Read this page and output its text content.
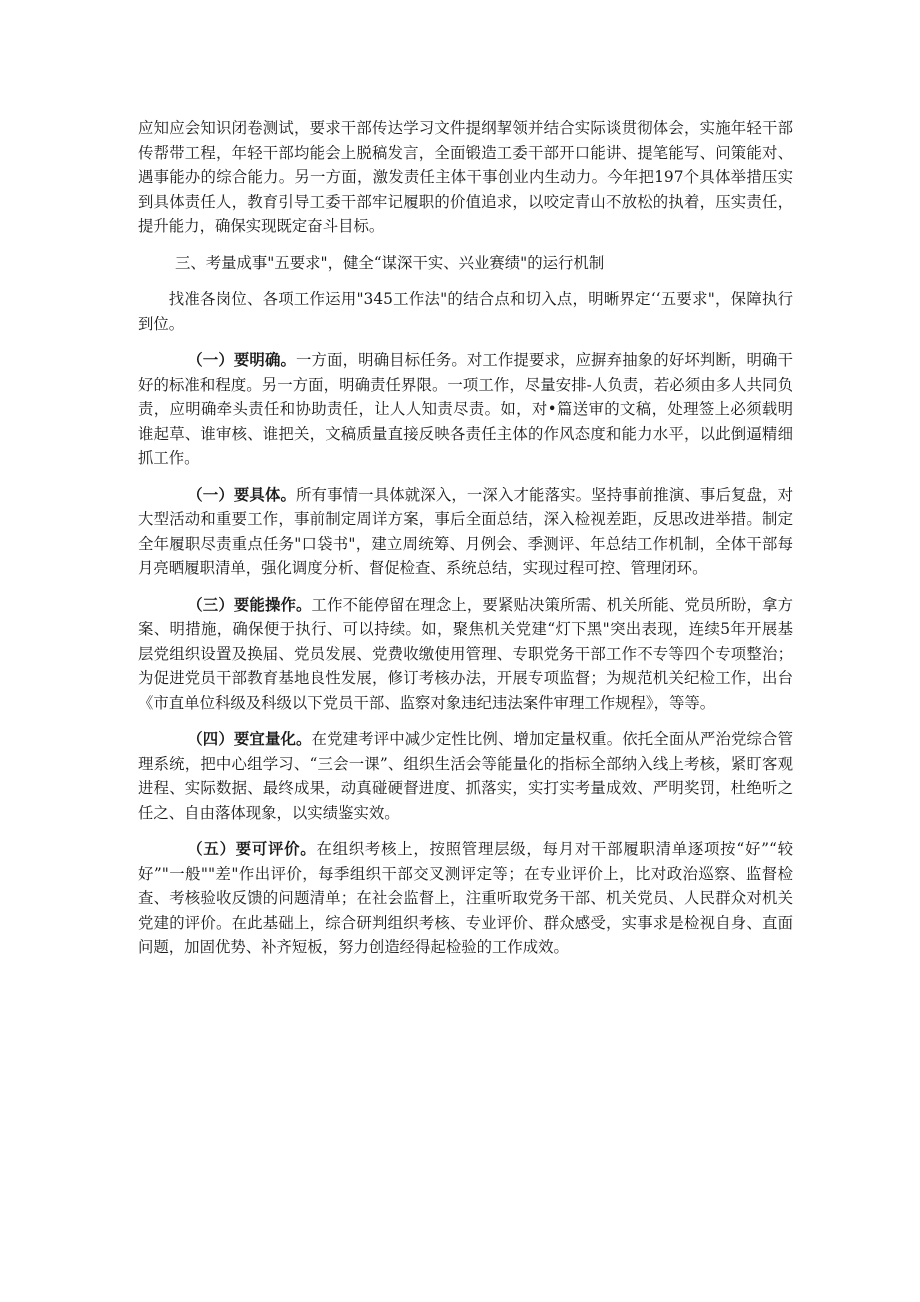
应知应会知识闭卷测试，要求干部传达学习文件提纲挈领并结合实际谈贯彻体会，实施年轻干部传帮带工程，年轻干部均能会上脱稿发言，全面锻造工委干部开口能讲、提笔能写、问策能对、遇事能办的综合能力。另一方面，激发责任主体干事创业内生动力。今年把197个具体举措压实到具体责任人，教育引导工委干部牢记履职的价值追求，以咬定青山不放松的执着，压实责任，提升能力，确保实现既定奋斗目标。

三、考量成事"五要求"，健全“谋深干实、兴业赛绩"的运行机制

找准各岗位、各项工作运用"345工作法"的结合点和切入点，明晰界定‘‘五要求"，保障执行到位。

（一）要明确。一方面，明确目标任务。对工作提要求，应摒弃抽象的好坏判断，明确干好的标准和程度。另一方面，明确责任界限。一项工作，尽量安排-人负责，若必须由多人共同负责，应明确牵头责任和协助责任，让人人知责尽责。如，对•篇送审的文稿，处理签上必须载明谁起草、谁审核、谁把关，文稿质量直接反映各责任主体的作风态度和能力水平，以此倒逼精细抓工作。

（一）要具体。所有事情一具体就深入，一深入才能落实。坚持事前推演、事后复盘，对大型活动和重要工作，事前制定周详方案，事后全面总结，深入检视差距，反思改进举措。制定全年履职尽责重点任务"口袋书"，建立周统筹、月例会、季测评、年总结工作机制，全体干部每月亮晒履职清单，强化调度分析、督促检查、系统总结，实现过程可控、管理闭环。

（三）要能操作。工作不能停留在理念上，要紧贴决策所需、机关所能、党员所盼，拿方案、明措施，确保便于执行、可以持续。如，聚焦机关党建“灯下黑"突出表现，连续5年开展基层党组织设置及换届、党员发展、党费收缴使用管理、专职党务干部工作不专等四个专项整治；为促进党员干部教育基地良性发展，修订考核办法，开展专项监督；为规范机关纪检工作，出台《市直单位科级及科级以下党员干部、监察对象违纪违法案件审理工作规程》，等等。

（四）要宜量化。在党建考评中减少定性比例、增加定量权重。依托全面从严治党综合管理系统，把中心组学习、“三会一课”、组织生活会等能量化的指标全部纳入线上考核，紧盯客观进程、实际数据、最终成果，动真碰硬督进度、抓落实，实打实考量成效、严明奖罚，杜绝听之任之、自由落体现象，以实绩鉴实效。

（五）要可评价。在组织考核上，按照管理层级，每月对干部履职清单逐项按“好”“较好”"一般""差"作出评价，每季组织干部交叉测评定等；在专业评价上，比对政治巡察、监督检查、考核验收反馈的问题清单；在社会监督上，注重听取党务干部、机关党员、人民群众对机关党建的评价。在此基础上，综合研判组织考核、专业评价、群众感受，实事求是检视自身、直面问题，加固优势、补齐短板，努力创造经得起检验的工作成效。
